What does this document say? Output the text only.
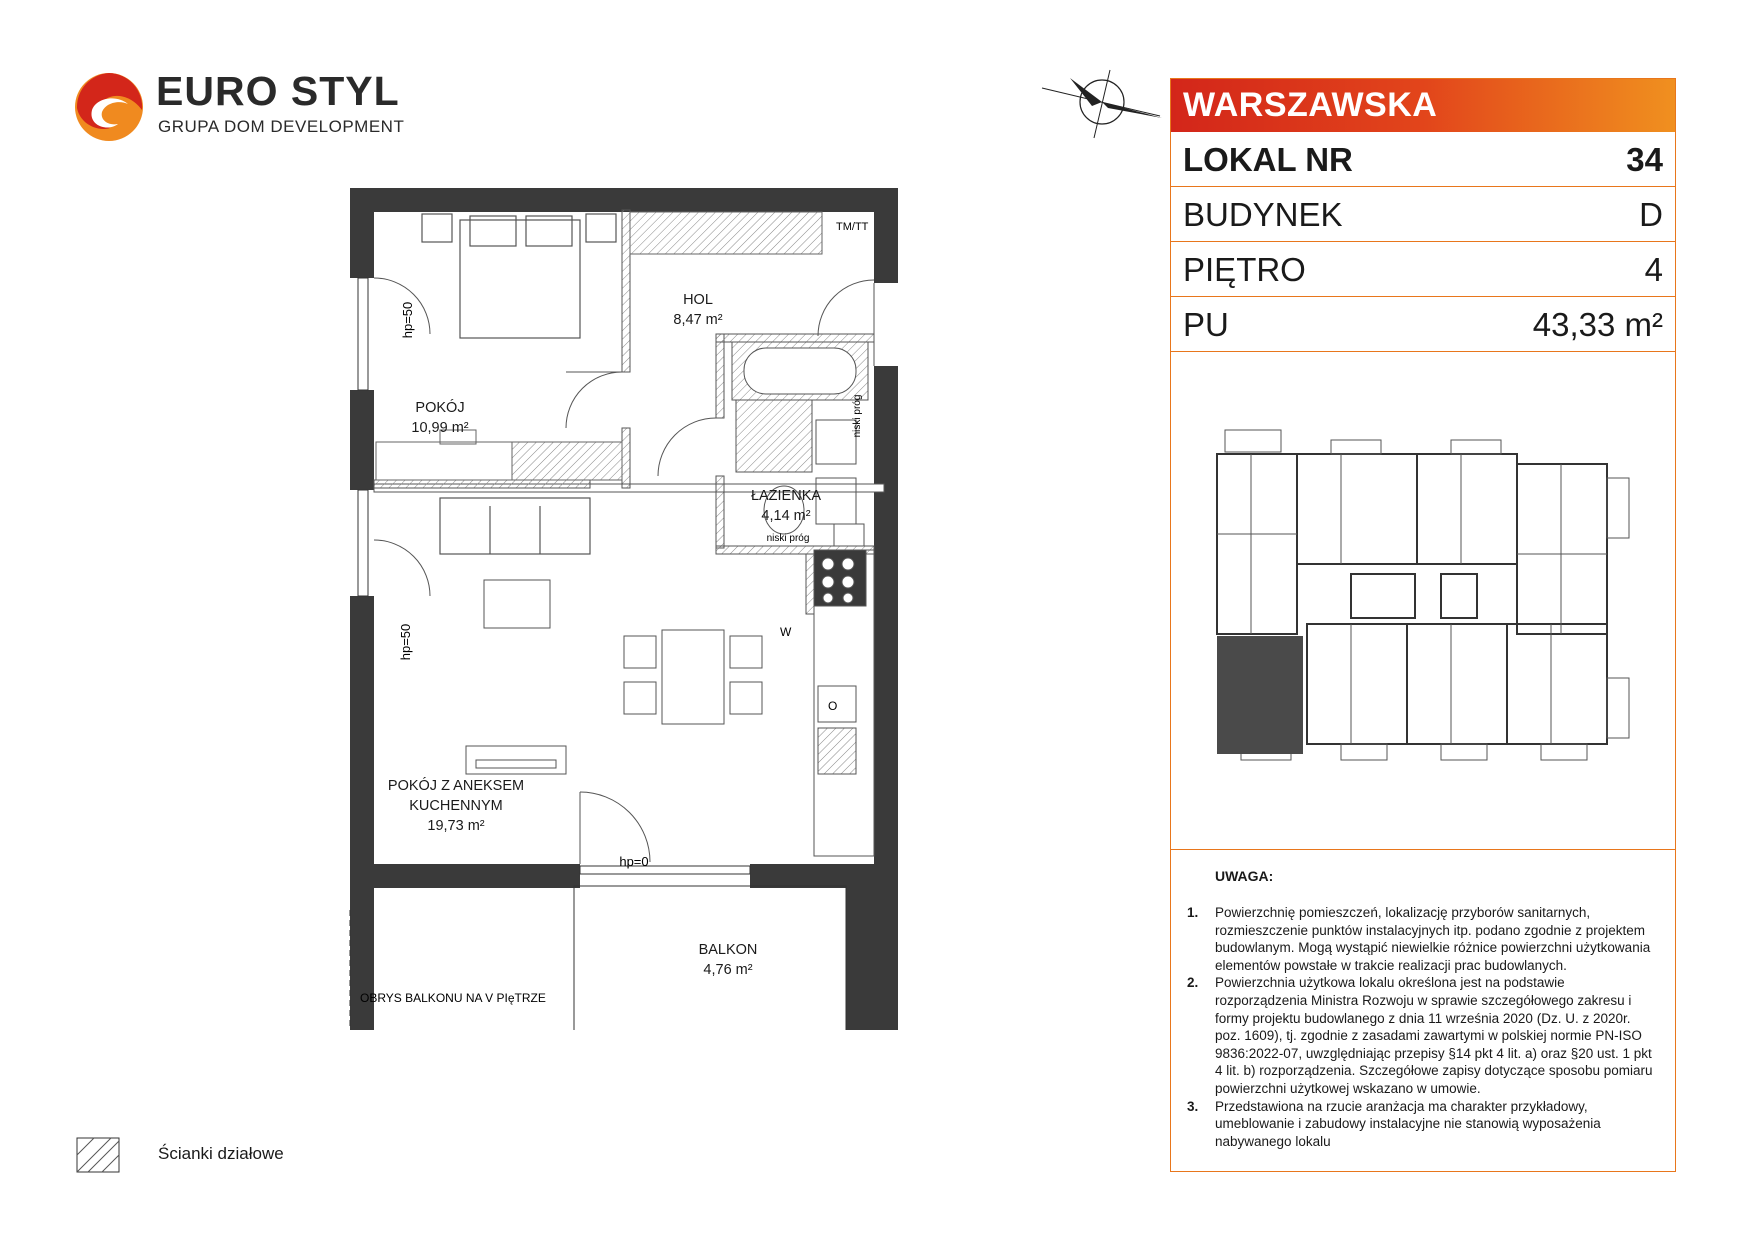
EURO STYL
GRUPA DOM DEVELOPMENT
POKÓJ
10,99 m²
HOL
8,47 m²
ŁAZIENKA
4,14 m²
POKÓJ Z ANEKSEM
KUCHENNYM
19,73 m²
BALKON
4,76 m²
TM/TT
hp=50
hp=50
hp=0
niski próg
niski próg
W
O
OBRYS BALKONU NA V PIęTRZE
Ścianki działowe
WARSZAWSKA
LOKAL NR	34
BUDYNEK	D
PIĘTRO	4
PU	43,33 m²
UWAGA:
1. Powierzchnię pomieszczeń, lokalizację przyborów sanitarnych, rozmieszczenie punktów instalacyjnych itp. podano zgodnie z projektem budowlanym. Mogą wystąpić niewielkie różnice powierzchni użytkowania elementów powstałe w trakcie realizacji prac budowlanych.
2. Powierzchnia użytkowa lokalu określona jest na podstawie rozporządzenia Ministra Rozwoju w sprawie szczegółowego zakresu i formy projektu budowlanego z dnia 11 września 2020 (Dz. U. z 2020r. poz. 1609), tj. zgodnie z zasadami zawartymi w polskiej normie PN-ISO 9836:2022-07, uwzględniając przepisy §14 pkt 4 lit. a) oraz §20 ust. 1 pkt 4 lit. b) rozporządzenia. Szczegółowe zapisy dotyczące sposobu pomiaru powierzchni użytkowej wskazano w umowie.
3. Przedstawiona na rzucie aranżacja ma charakter przykładowy, umeblowanie i zabudowy instalacyjne nie stanowią wyposażenia nabywanego lokalu
